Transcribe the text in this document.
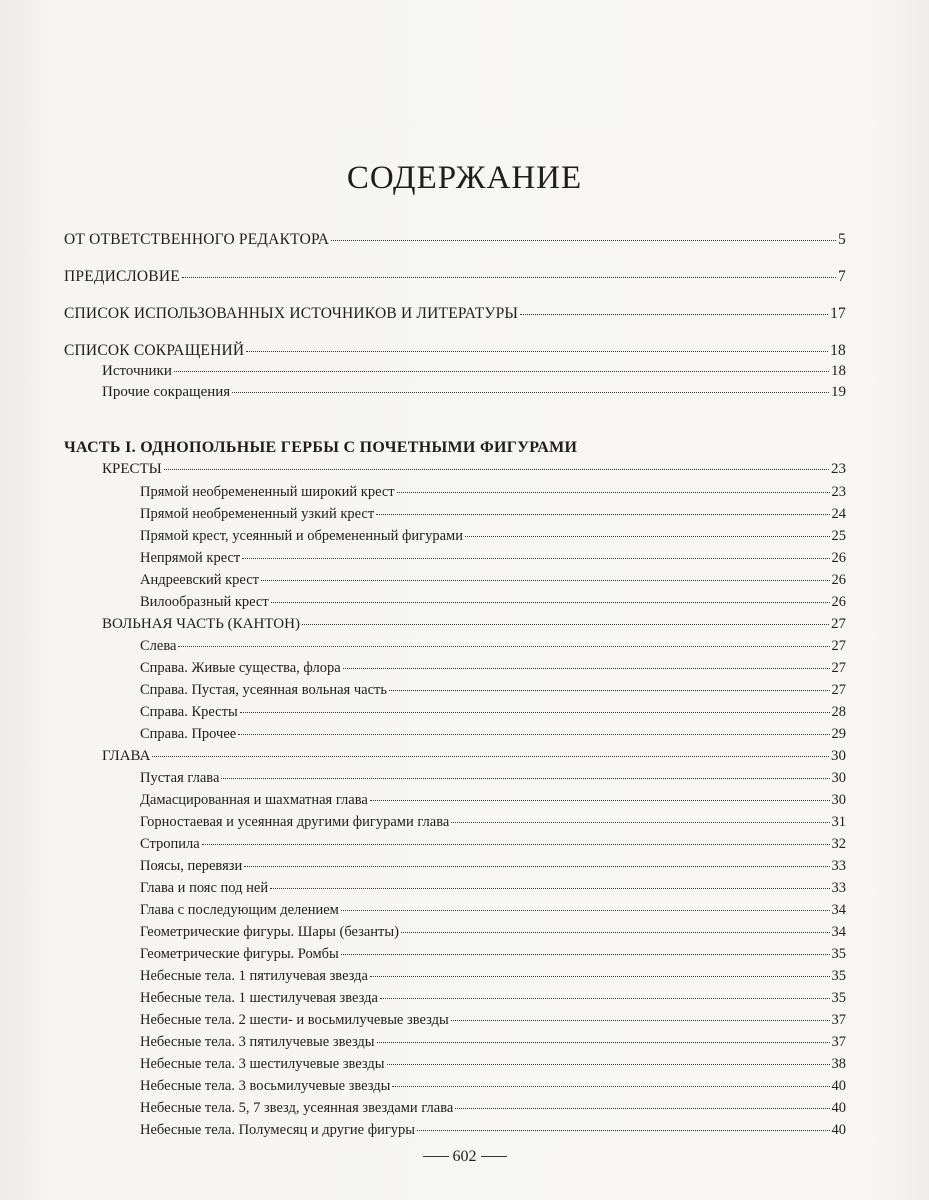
СОДЕРЖАНИЕ
ЧАСТЬ I. ОДНОПОЛЬНЫЕ ГЕРБЫ С ПОЧЕТНЫМИ ФИГУРАМИ
ОТ ОТВЕТСТВЕННОГО РЕДАКТОРА	5
ПРЕДИСЛОВИЕ	7
СПИСОК ИСПОЛЬЗОВАННЫХ ИСТОЧНИКОВ И ЛИТЕРАТУРЫ	17
СПИСОК СОКРАЩЕНИЙ	18
Источники	18
Прочие сокращения	19
КРЕСТЫ	23
Прямой необремененный широкий крест	23
Прямой необремененный узкий крест	24
Прямой крест, усеянный и обремененный фигурами	25
Непрямой крест	26
Андреевский крест	26
Вилообразный крест	26
ВОЛЬНАЯ ЧАСТЬ (КАНТОН)	27
Слева	27
Справа. Живые существа, флора	27
Справа. Пустая, усеянная вольная часть	27
Справа. Кресты	28
Справа. Прочее	29
ГЛАВА	30
Пустая глава	30
Дамасцированная и шахматная глава	30
Горностаевая и усеянная другими фигурами глава	31
Стропила	32
Поясы, перевязи	33
Глава и пояс под ней	33
Глава с последующим делением	34
Геометрические фигуры. Шары (безанты)	34
Геометрические фигуры. Ромбы	35
Небесные тела. 1 пятилучевая звезда	35
Небесные тела. 1 шестилучевая звезда	35
Небесные тела. 2 шести- и восьмилучевые звезды	37
Небесные тела. 3 пятилучевые звезды	37
Небесные тела. 3 шестилучевые звезды	38
Небесные тела. 3 восьмилучевые звезды	40
Небесные тела. 5, 7 звезд, усеянная звездами глава	40
Небесные тела. Полумесяц и другие фигуры	40
602
